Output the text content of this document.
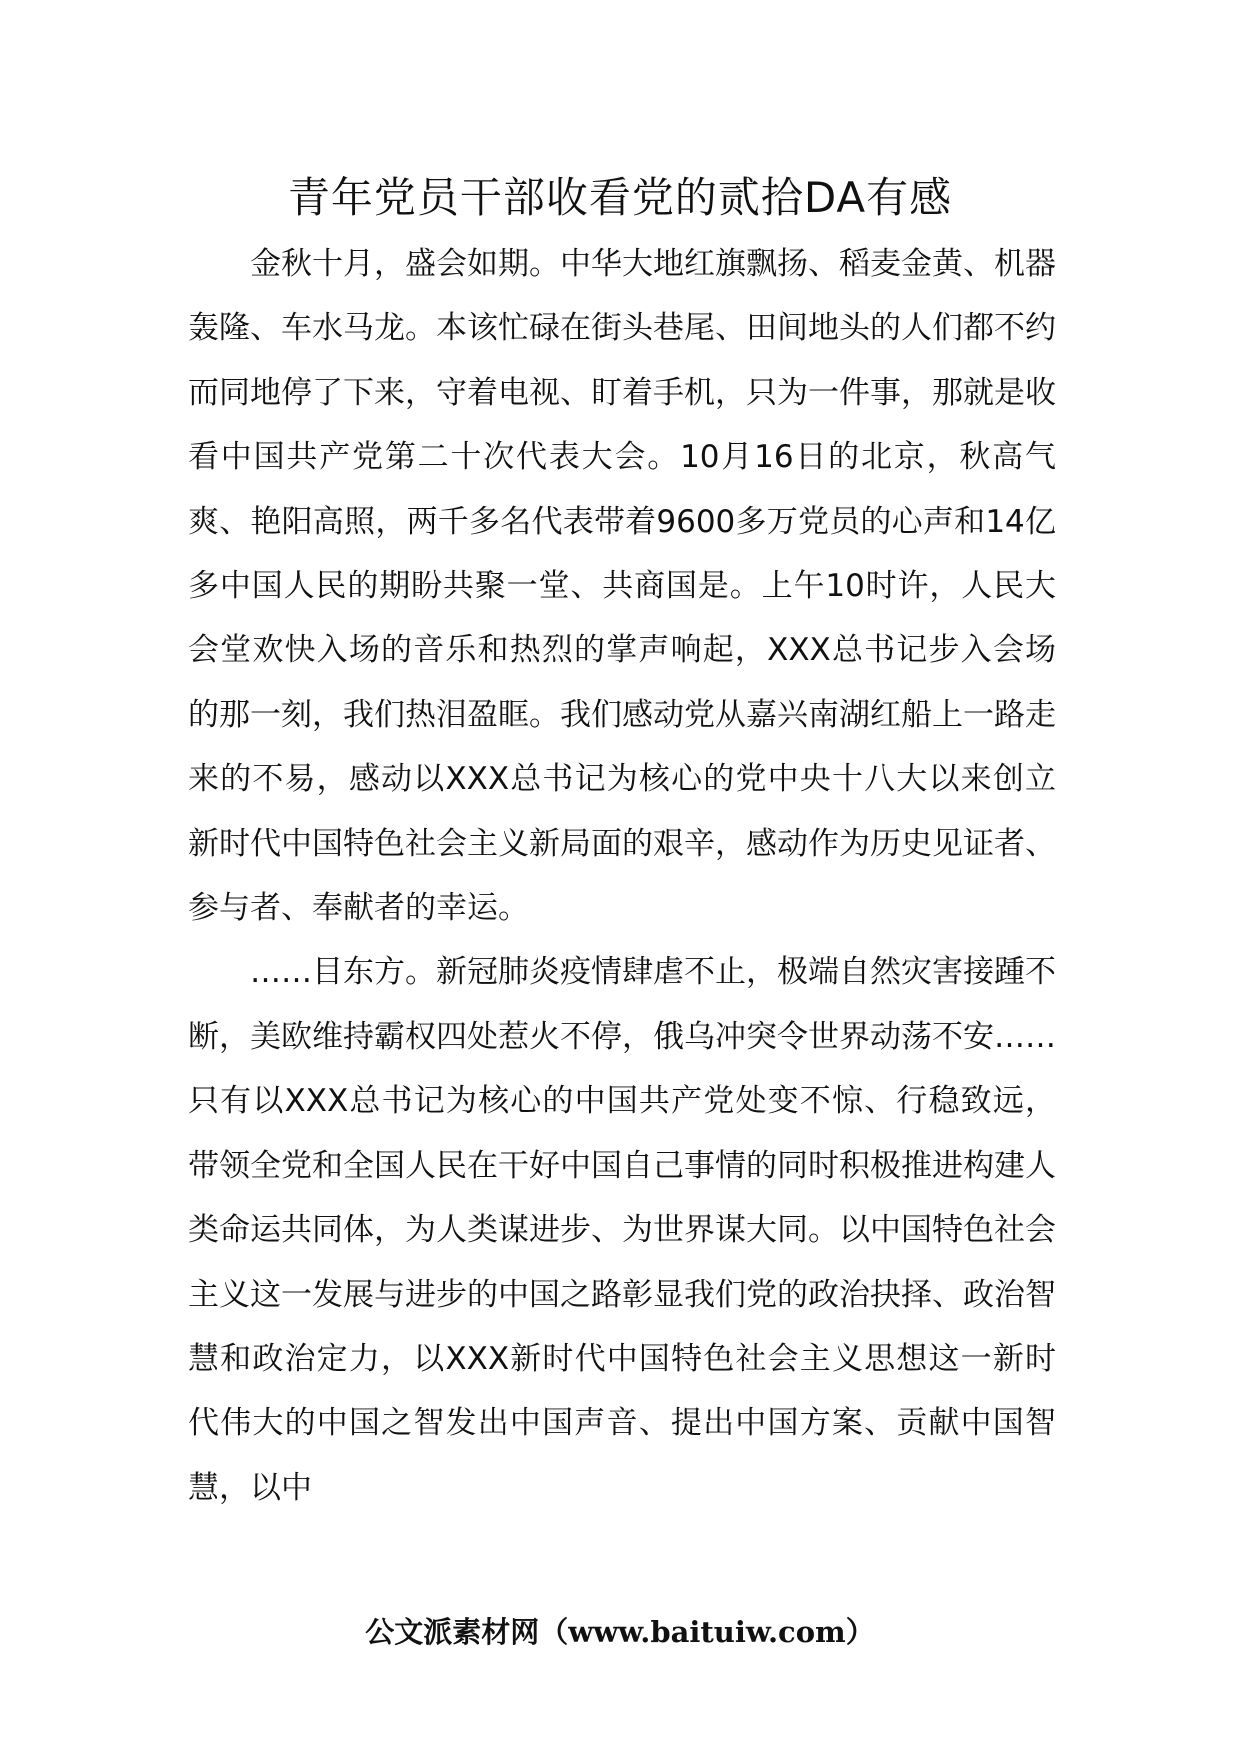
青年党员干部收看党的贰拾DA有感

金秋十月，盛会如期。中华大地红旗飘扬、稻麦金黄、机器轰隆、车水马龙。本该忙碌在街头巷尾、田间地头的人们都不约而同地停了下来，守着电视、盯着手机，只为一件事，那就是收看中国共产党第二十次代表大会。10月16日的北京，秋高气爽、艳阳高照，两千多名代表带着9600多万党员的心声和14亿多中国人民的期盼共聚一堂、共商国是。上午10时许，人民大会堂欢快入场的音乐和热烈的掌声响起，XXX总书记步入会场的那一刻，我们热泪盈眶。我们感动党从嘉兴南湖红船上一路走来的不易，感动以XXX总书记为核心的党中央十八大以来创立新时代中国特色社会主义新局面的艰辛，感动作为历史见证者、参与者、奉献者的幸运。

……目东方。新冠肺炎疫情肆虐不止，极端自然灾害接踵不断，美欧维持霸权四处惹火不停，俄乌冲突令世界动荡不安……只有以XXX总书记为核心的中国共产党处变不惊、行稳致远，带领全党和全国人民在干好中国自己事情的同时积极推进构建人类命运共同体，为人类谋进步、为世界谋大同。以中国特色社会主义这一发展与进步的中国之路彰显我们党的政治抉择、政治智慧和政治定力，以XXX新时代中国特色社会主义思想这一新时代伟大的中国之智发出中国声音、提出中国方案、贡献中国智慧，以中

公文派素材网（www.baituiw.com）
